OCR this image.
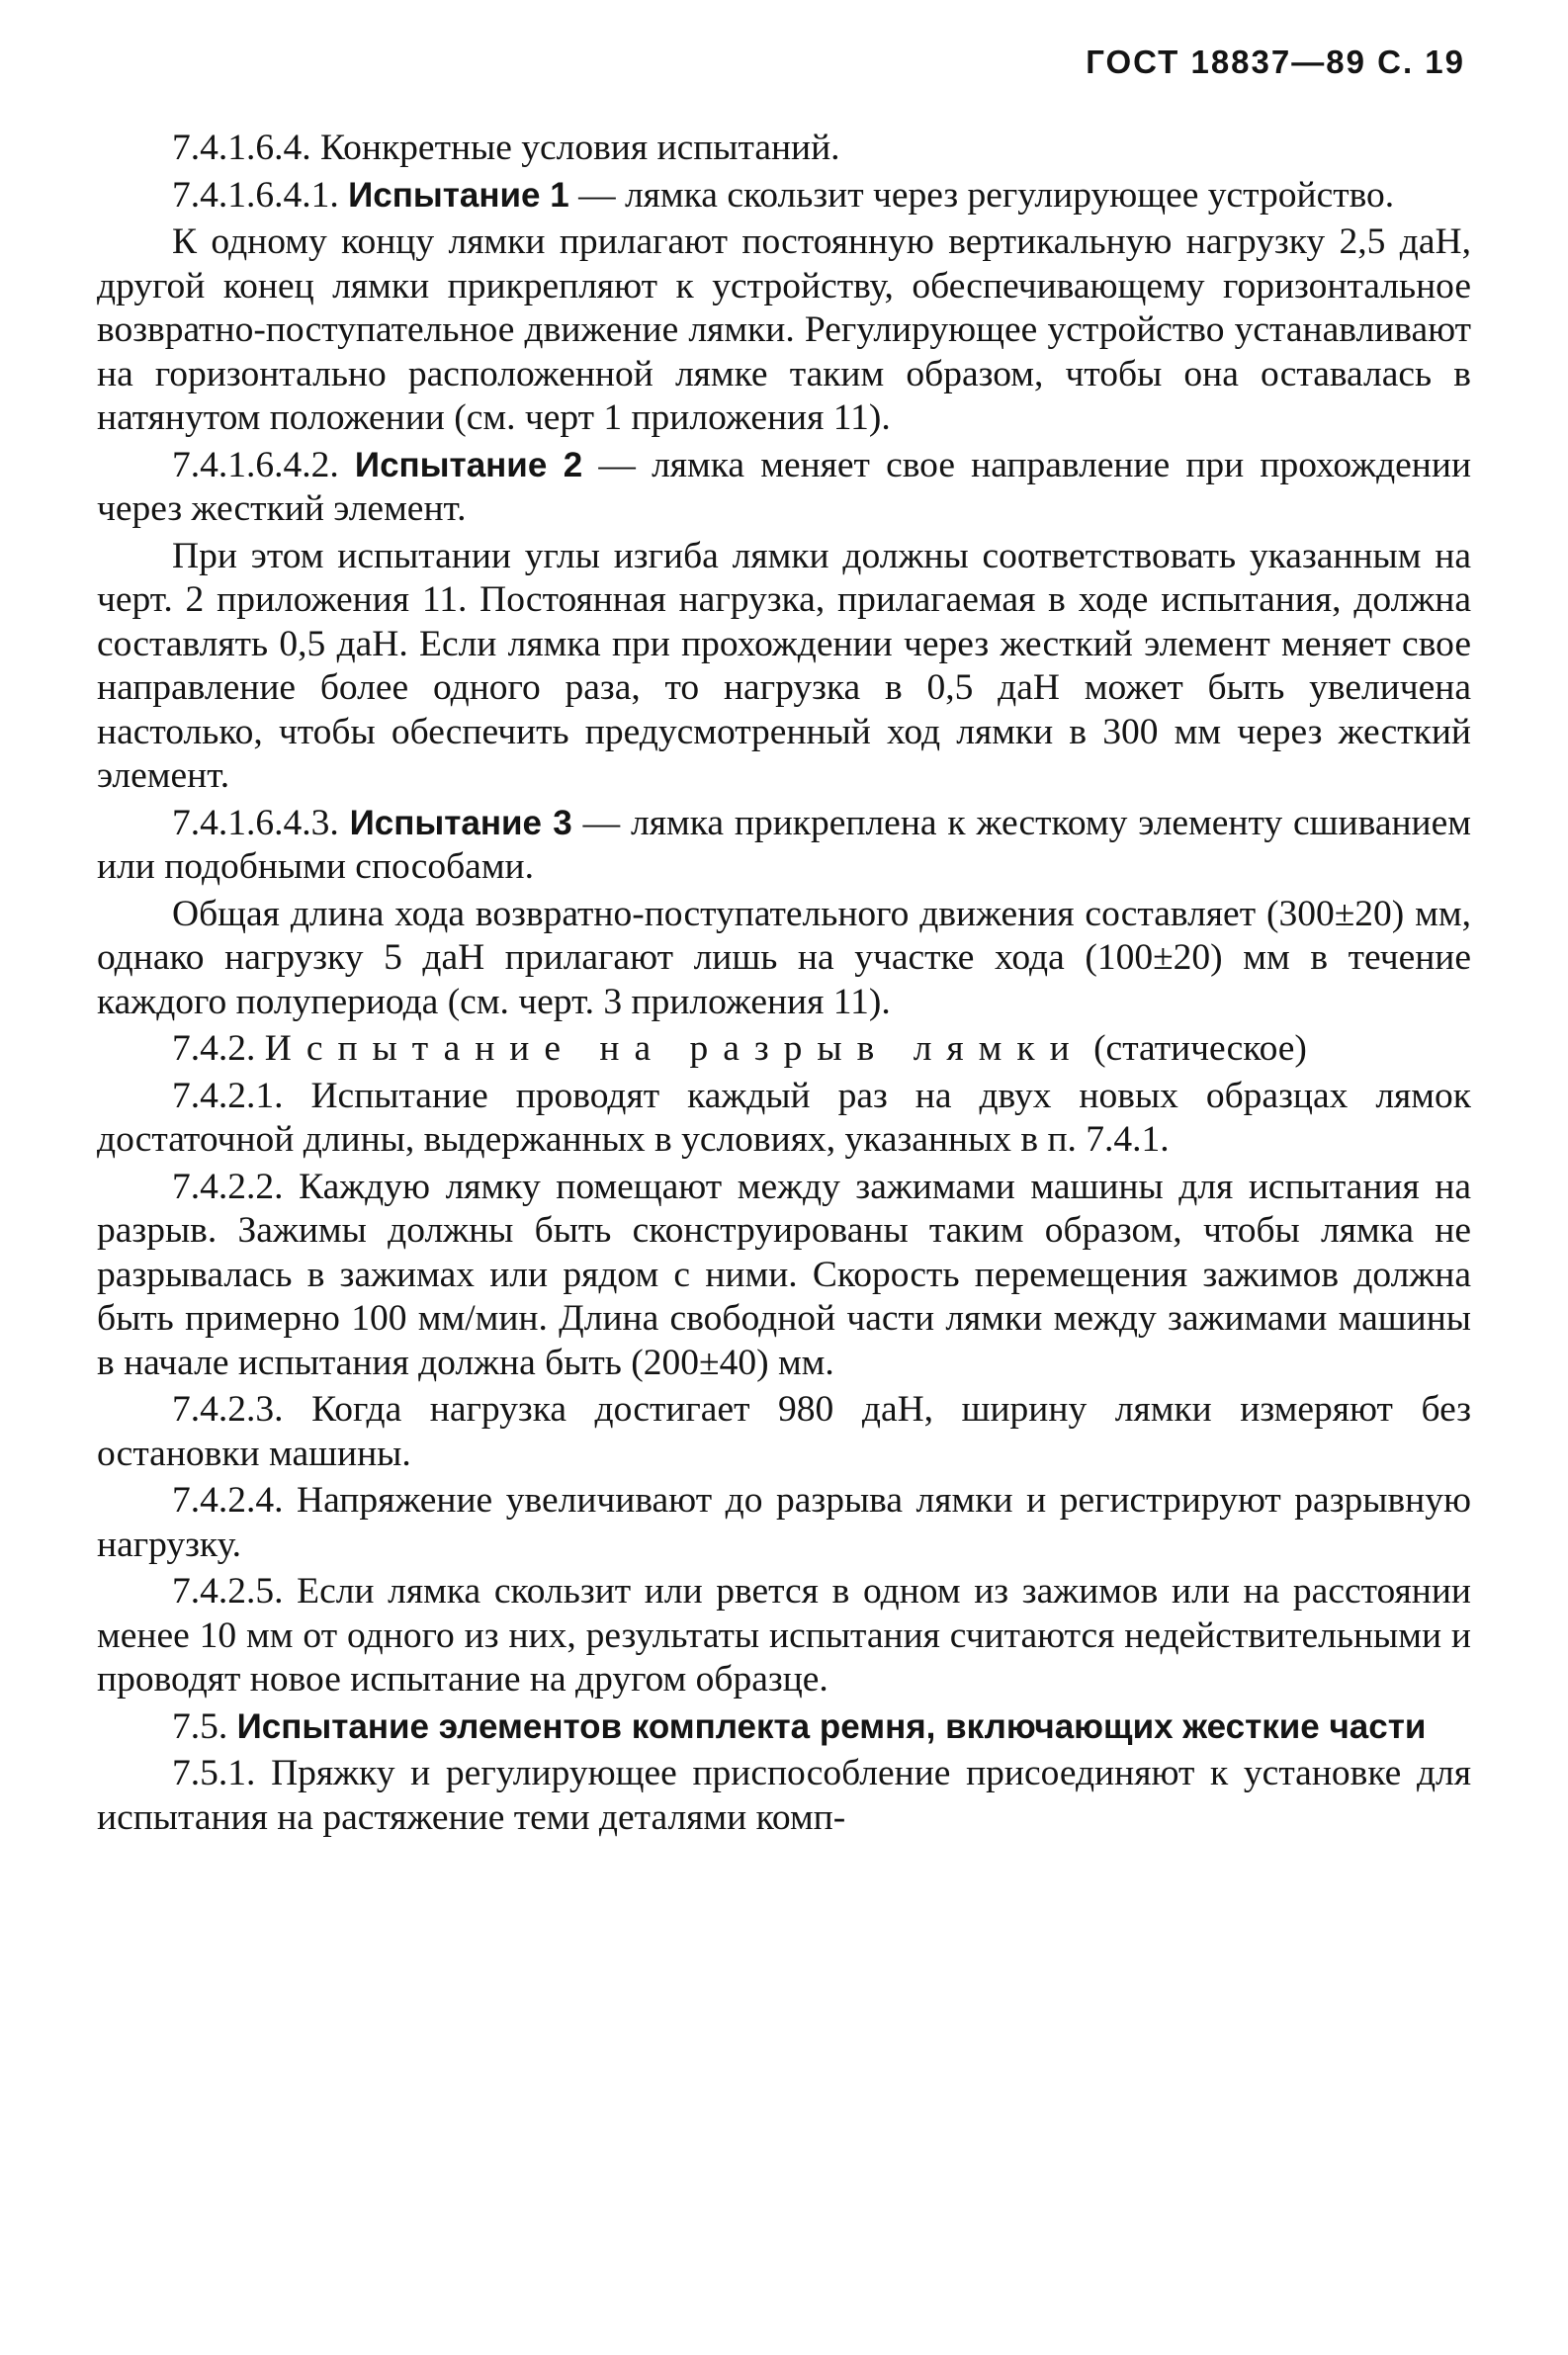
ГОСТ 18837—89 С. 19

7.4.1.6.4. Конкретные условия испытаний.

7.4.1.6.4.1. Испытание 1 — лямка скользит через регулирующее устройство.

К одному концу лямки прилагают постоянную вертикальную нагрузку 2,5 даН, другой конец лямки прикрепляют к устройству, обеспечивающему горизонтальное возвратно-поступательное движение лямки. Регулирующее устройство устанавливают на горизонтально расположенной лямке таким образом, чтобы она оставалась в натянутом положении (см. черт 1 приложения 11).

7.4.1.6.4.2. Испытание 2 — лямка меняет свое направление при прохождении через жесткий элемент.

При этом испытании углы изгиба лямки должны соответствовать указанным на черт. 2 приложения 11. Постоянная нагрузка, прилагаемая в ходе испытания, должна составлять 0,5 даН. Если лямка при прохождении через жесткий элемент меняет свое направление более одного раза, то нагрузка в 0,5 даН может быть увеличена настолько, чтобы обеспечить предусмотренный ход лямки в 300 мм через жесткий элемент.

7.4.1.6.4.3. Испытание 3 — лямка прикреплена к жесткому элементу сшиванием или подобными способами.

Общая длина хода возвратно-поступательного движения составляет (300±20) мм, однако нагрузку 5 даН прилагают лишь на участке хода (100±20) мм в течение каждого полупериода (см. черт. 3 приложения 11).

7.4.2. Испытание на разрыв лямки (статическое)

7.4.2.1. Испытание проводят каждый раз на двух новых образцах лямок достаточной длины, выдержанных в условиях, указанных в п. 7.4.1.

7.4.2.2. Каждую лямку помещают между зажимами машины для испытания на разрыв. Зажимы должны быть сконструированы таким образом, чтобы лямка не разрывалась в зажимах или рядом с ними. Скорость перемещения зажимов должна быть примерно 100 мм/мин. Длина свободной части лямки между зажимами машины в начале испытания должна быть (200±40) мм.

7.4.2.3. Когда нагрузка достигает 980 даН, ширину лямки измеряют без остановки машины.

7.4.2.4. Напряжение увеличивают до разрыва лямки и регистрируют разрывную нагрузку.

7.4.2.5. Если лямка скользит или рвется в одном из зажимов или на расстоянии менее 10 мм от одного из них, результаты испытания считаются недействительными и проводят новое испытание на другом образце.

7.5. Испытание элементов комплекта ремня, включающих жесткие части

7.5.1. Пряжку и регулирующее приспособление присоединяют к установке для испытания на растяжение теми деталями комп-
